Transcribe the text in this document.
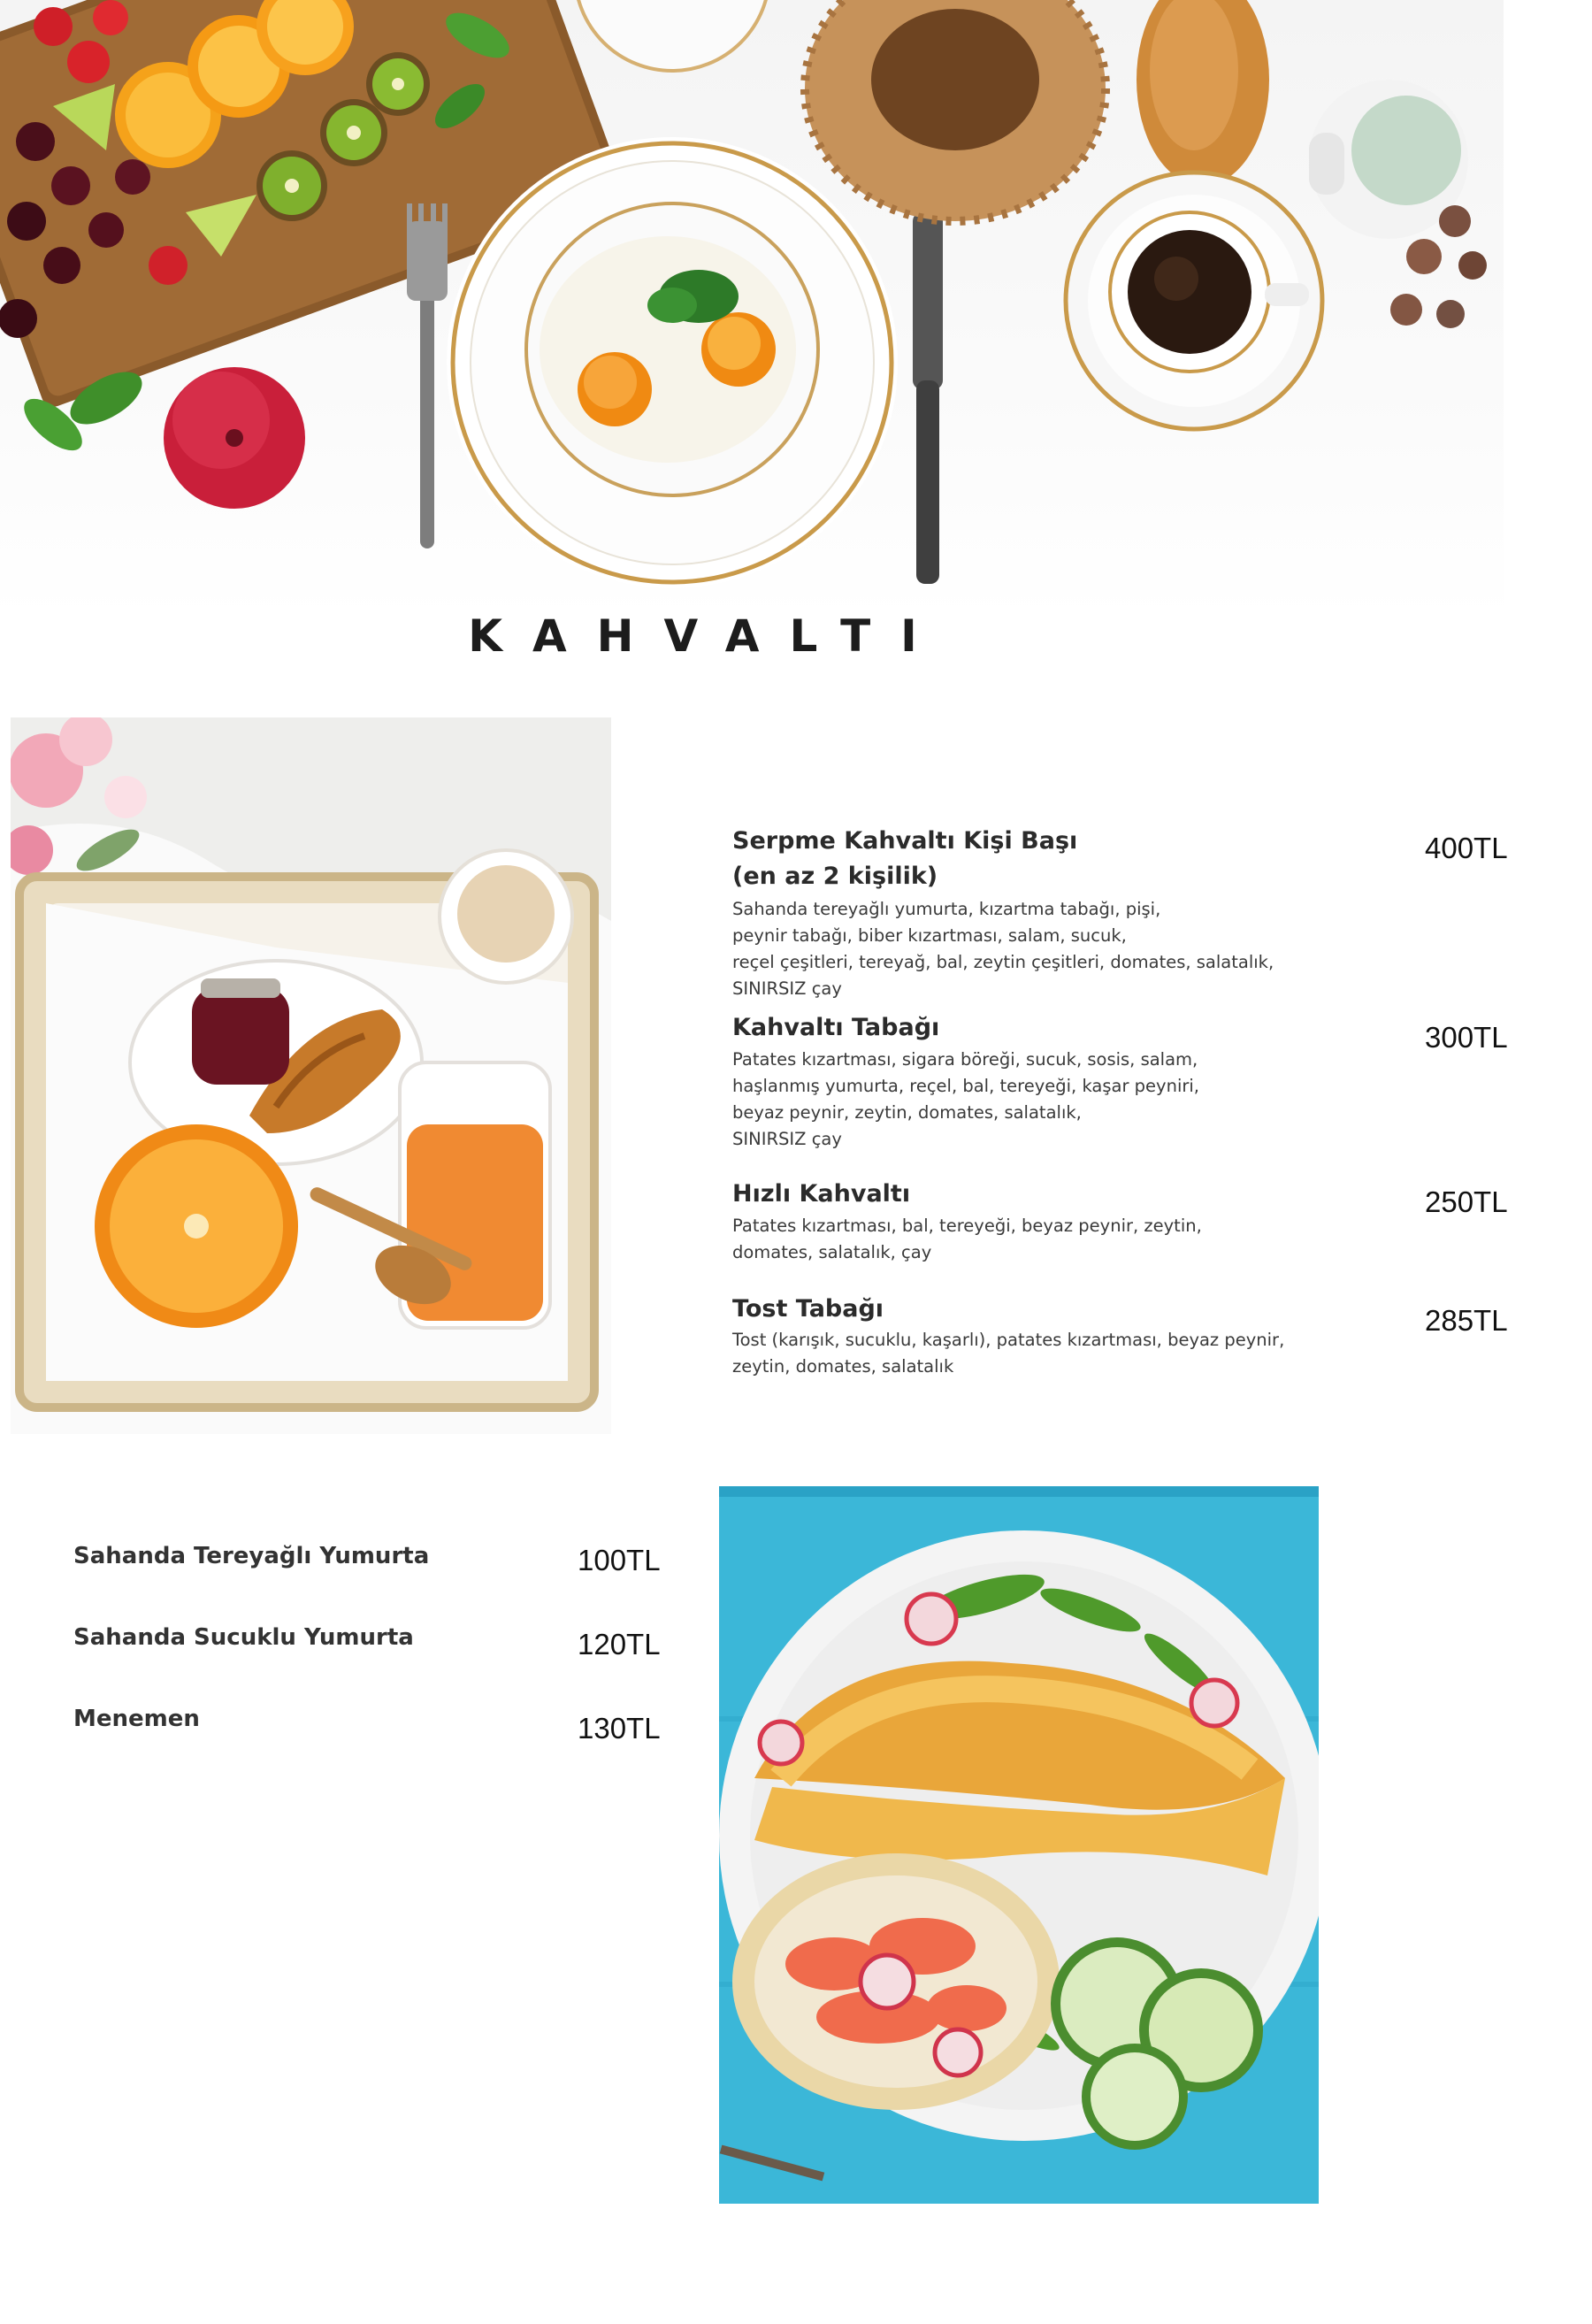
KAHVALTI
Serpme Kahvaltı Kişi Başı
(en az 2 kişilik)
Sahanda tereyağlı yumurta, kızartma tabağı, pişi,
peynir tabağı, biber kızartması, salam, sucuk,
reçel çeşitleri, tereyağ, bal, zeytin çeşitleri, domates, salatalık,
SINIRSIZ çay
400TL
Kahvaltı Tabağı
Patates kızartması, sigara böreği, sucuk, sosis, salam,
haşlanmış yumurta, reçel, bal, tereyeği, kaşar peyniri,
beyaz peynir, zeytin, domates, salatalık,
SINIRSIZ çay
300TL
Hızlı Kahvaltı
Patates kızartması, bal, tereyeği, beyaz peynir, zeytin,
domates, salatalık, çay
250TL
Tost Tabağı
Tost (karışık, sucuklu, kaşarlı), patates kızartması, beyaz peynir,
zeytin, domates, salatalık
285TL
Sahanda Tereyağlı Yumurta	100TL
Sahanda Sucuklu Yumurta	120TL
Menemen	130TL
